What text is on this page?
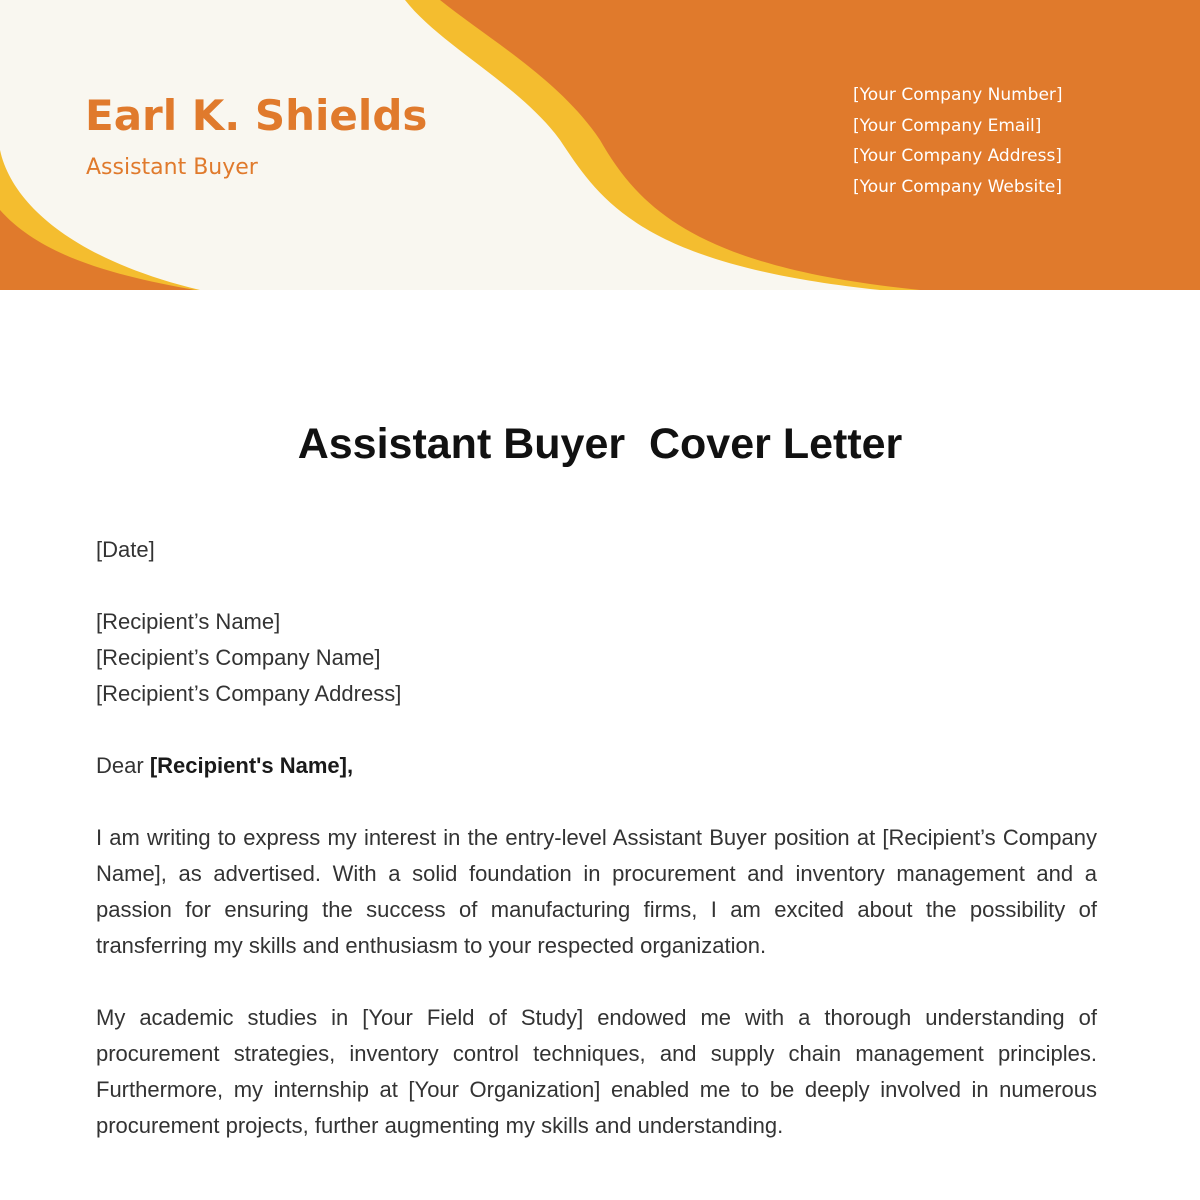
Earl K. Shields
Assistant Buyer
[Your Company Number]
[Your Company Email]
[Your Company Address]
[Your Company Website]
Assistant Buyer  Cover Letter

[Date]

[Recipient’s Name]
[Recipient’s Company Name]
[Recipient’s Company Address]

Dear [Recipient's Name],

I am writing to express my interest in the entry-level Assistant Buyer position at [Recipient’s Company Name], as advertised. With a solid foundation in procurement and inventory management and a passion for ensuring the success of manufacturing firms, I am excited about the possibility of transferring my skills and enthusiasm to your respected organization.

My academic studies in [Your Field of Study] endowed me with a thorough understanding of procurement strategies, inventory control techniques, and supply chain management principles. Furthermore, my internship at [Your Organization] enabled me to be deeply involved in numerous procurement projects, further augmenting my skills and understanding.
